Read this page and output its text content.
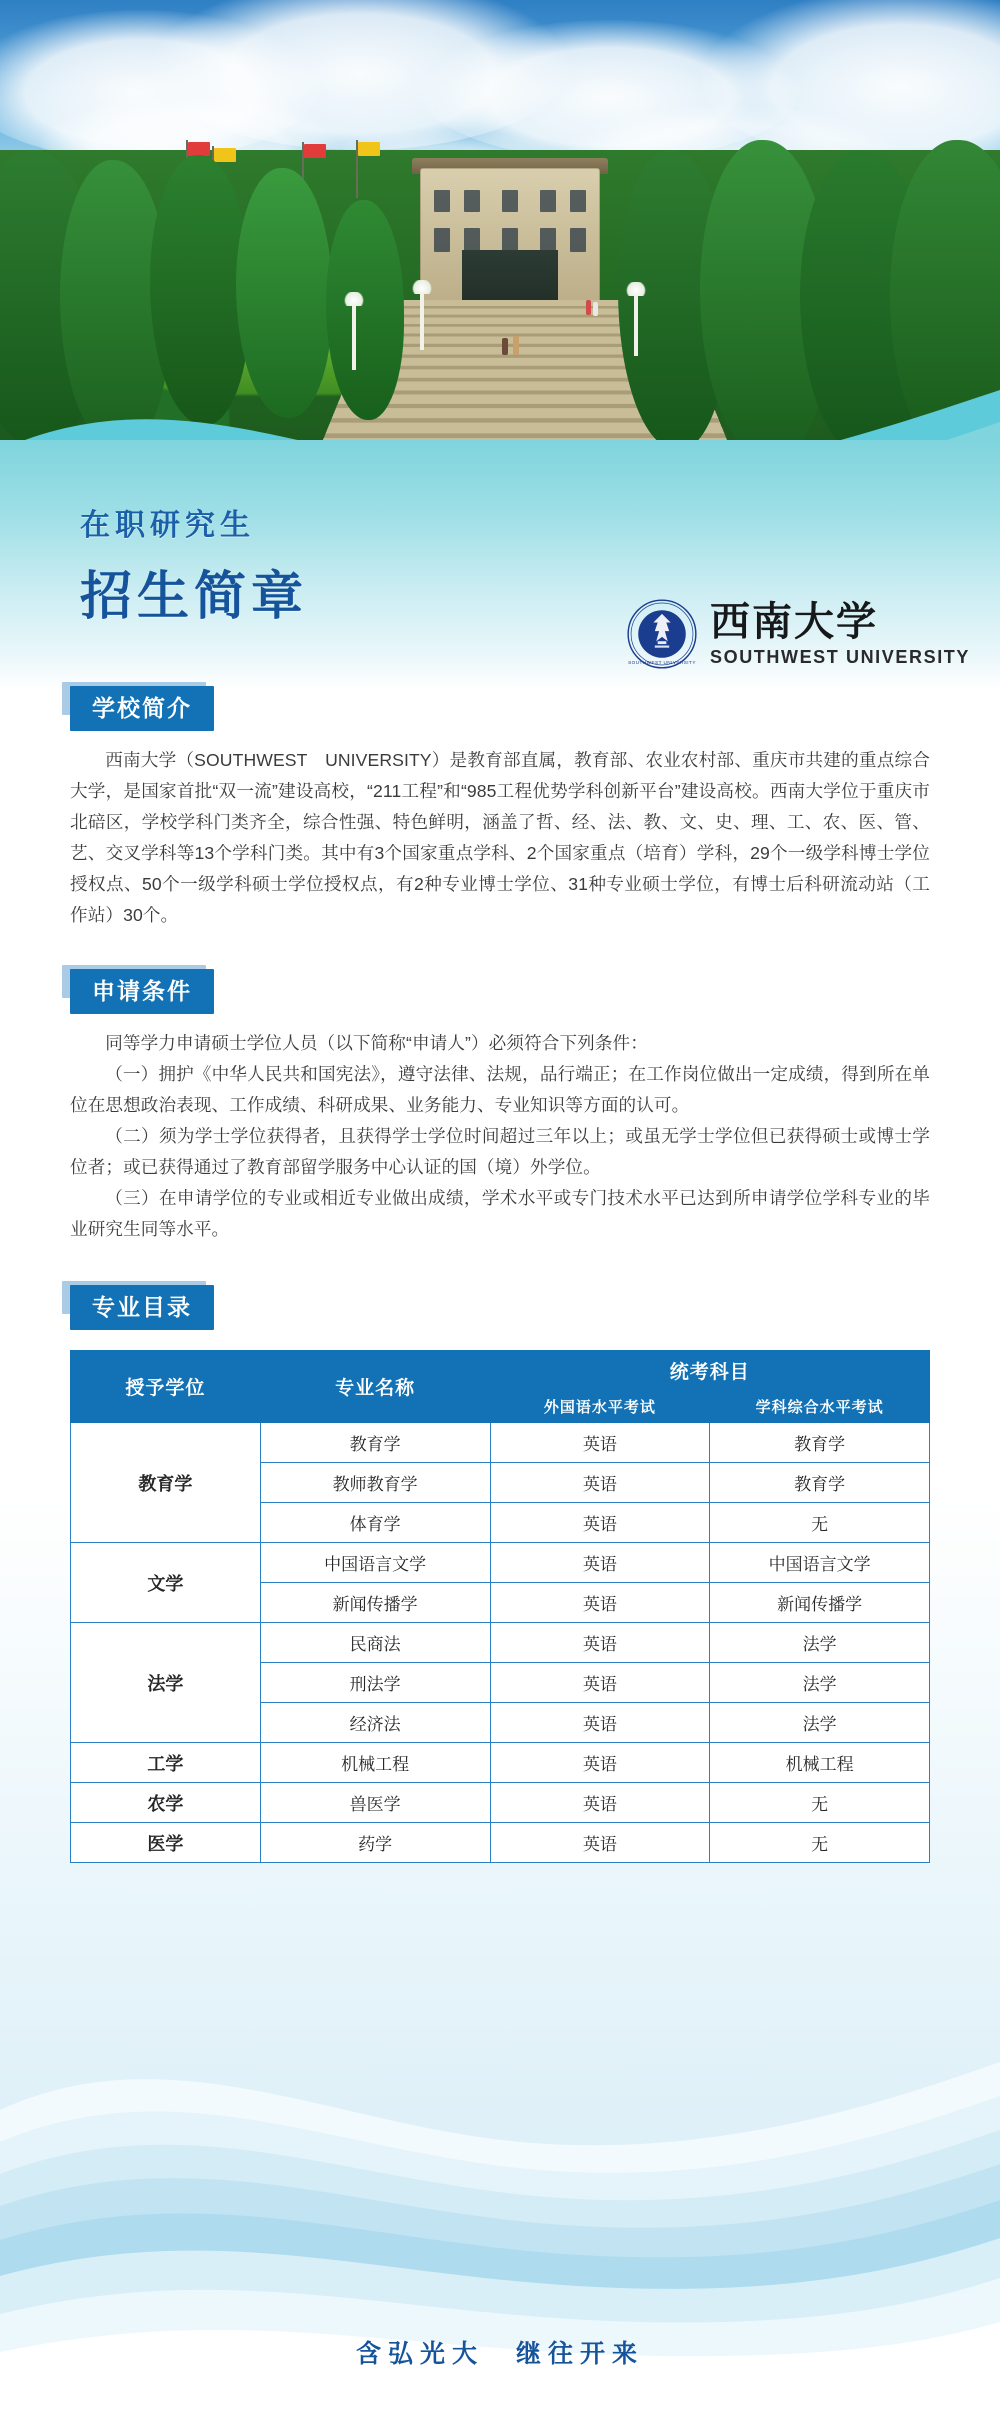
在职研究生
招生简章
SOUTHWEST UNIVERSITY
西南大学
SOUTHWEST UNIVERSITY
学校简介

西南大学（SOUTHWEST　UNIVERSITY）是教育部直属，教育部、农业农村部、重庆市共建的重点综合大学，是国家首批“双一流”建设高校，“211工程”和“985工程优势学科创新平台”建设高校。西南大学位于重庆市北碚区，学校学科门类齐全，综合性强、特色鲜明，涵盖了哲、经、法、教、文、史、理、工、农、医、管、艺、交叉学科等13个学科门类。其中有3个国家重点学科、2个国家重点（培育）学科，29个一级学科博士学位授权点、50个一级学科硕士学位授权点，有2种专业博士学位、31种专业硕士学位，有博士后科研流动站（工作站）30个。

申请条件

同等学力申请硕士学位人员（以下简称“申请人”）必须符合下列条件：

（一）拥护《中华人民共和国宪法》，遵守法律、法规，品行端正；在工作岗位做出一定成绩，得到所在单位在思想政治表现、工作成绩、科研成果、业务能力、专业知识等方面的认可。

（二）须为学士学位获得者，且获得学士学位时间超过三年以上；或虽无学士学位但已获得硕士或博士学位者；或已获得通过了教育部留学服务中心认证的国（境）外学位。

（三）在申请学位的专业或相近专业做出成绩，学术水平或专门技术水平已达到所申请学位学科专业的毕业研究生同等水平。

专业目录
授予学位	专业名称	统考科目	
		外国语水平考试	学科综合水平考试
教育学	教育学	英语	教育学
	教师教育学	英语	教育学
	体育学	英语	无
文学	中国语言文学	英语	中国语言文学
	新闻传播学	英语	新闻传播学
法学	民商法	英语	法学
	刑法学	英语	法学
	经济法	英语	法学
工学	机械工程	英语	机械工程
农学	兽医学	英语	无
医学	药学	英语	无
含弘光大　继往开来
